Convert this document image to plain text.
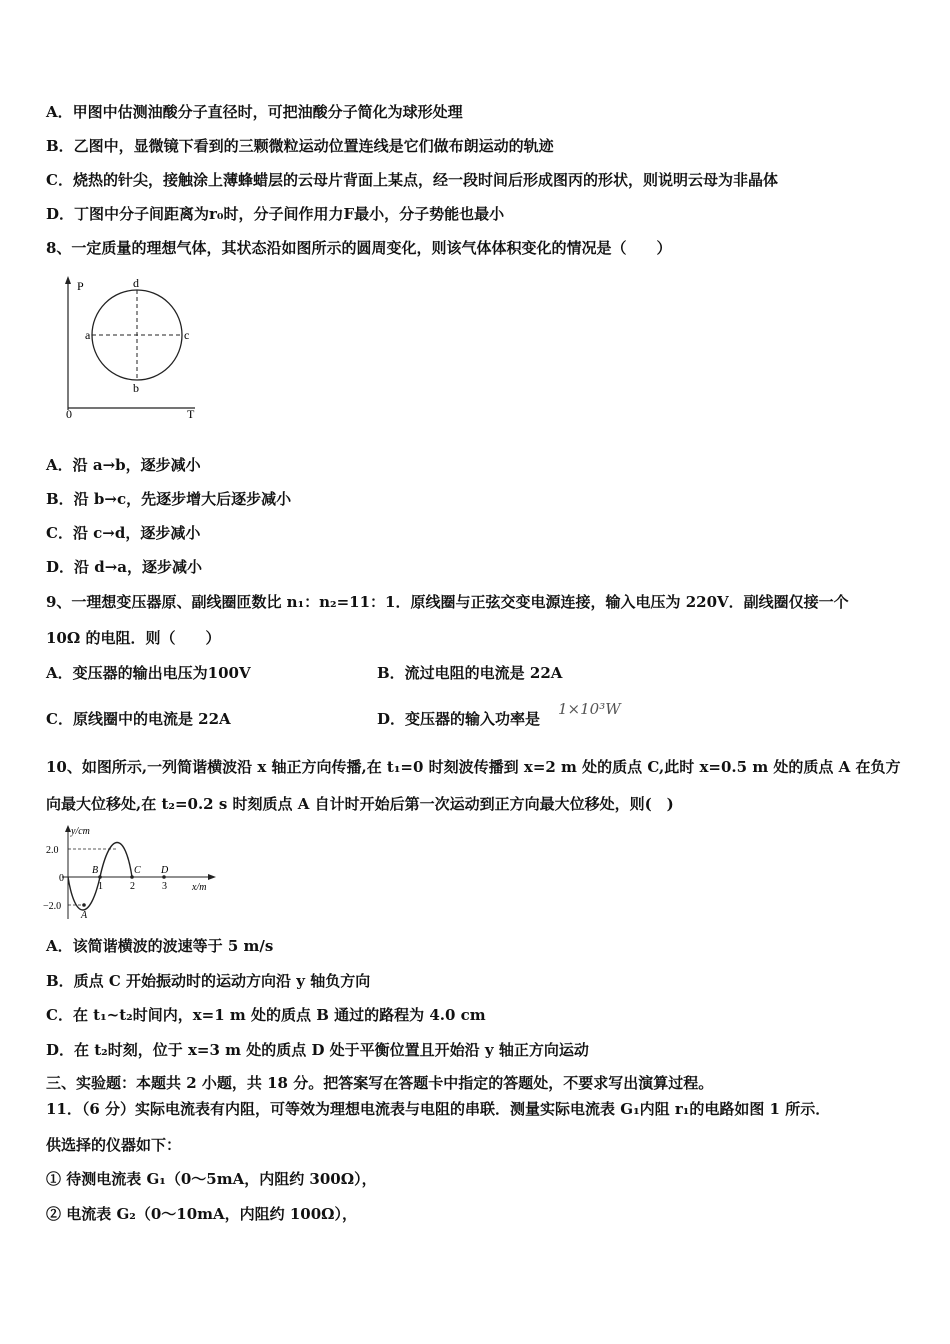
A．甲图中估测油酸分子直径时，可把油酸分子简化为球形处理
B．乙图中，显微镜下看到的三颗微粒运动位置连线是它们做布朗运动的轨迹
C．烧热的针尖，接触涂上薄蜂蜡层的云母片背面上某点，经一段时间后形成图丙的形状，则说明云母为非晶体
D．丁图中分子间距离为r₀时，分子间作用力F最小，分子势能也最小
8、一定质量的理想气体，其状态沿如图所示的圆周变化，则该气体体积变化的情况是（　　）
P
T
0
a
b
c
d
A．沿 a→b，逐步减小
B．沿 b→c，先逐步增大后逐步减小
C．沿 c→d，逐步减小
D．沿 d→a，逐步减小
9、一理想变压器原、副线圈匝数比 n₁：n₂=11：1．原线圈与正弦交变电源连接，输入电压为 220V．副线圈仅接一个
10Ω 的电阻．则（　　）
A．变压器的输出电压为100V	B．流过电阻的电流是 22A
C．原线圈中的电流是 22A	D．变压器的输入功率是
1×10³W
10、如图所示,一列简谐横波沿 x 轴正方向传播,在 t₁=0 时刻波传播到 x=2 m 处的质点 C,此时 x=0.5 m 处的质点 A 在负方
向最大位移处,在 t₂=0.2 s 时刻质点 A 自计时开始后第一次运动到正方向最大位移处，则(　)
y/cm
x/m
2.0
−2.0
0
1	2	3
A
B	C D
A．该简谐横波的波速等于 5 m/s
B．质点 C 开始振动时的运动方向沿 y 轴负方向
C．在 t₁~t₂时间内，x=1 m 处的质点 B 通过的路程为 4.0 cm
D．在 t₂时刻，位于 x=3 m 处的质点 D 处于平衡位置且开始沿 y 轴正方向运动
三、实验题：本题共 2 小题，共 18 分。把答案写在答题卡中指定的答题处，不要求写出演算过程。
11．（6 分）实际电流表有内阻，可等效为理想电流表与电阻的串联．测量实际电流表 G₁内阻 r₁的电路如图 1 所示．
供选择的仪器如下：
① 待测电流表 G₁（0～5mA，内阻约 300Ω），
② 电流表 G₂（0～10mA，内阻约 100Ω），
